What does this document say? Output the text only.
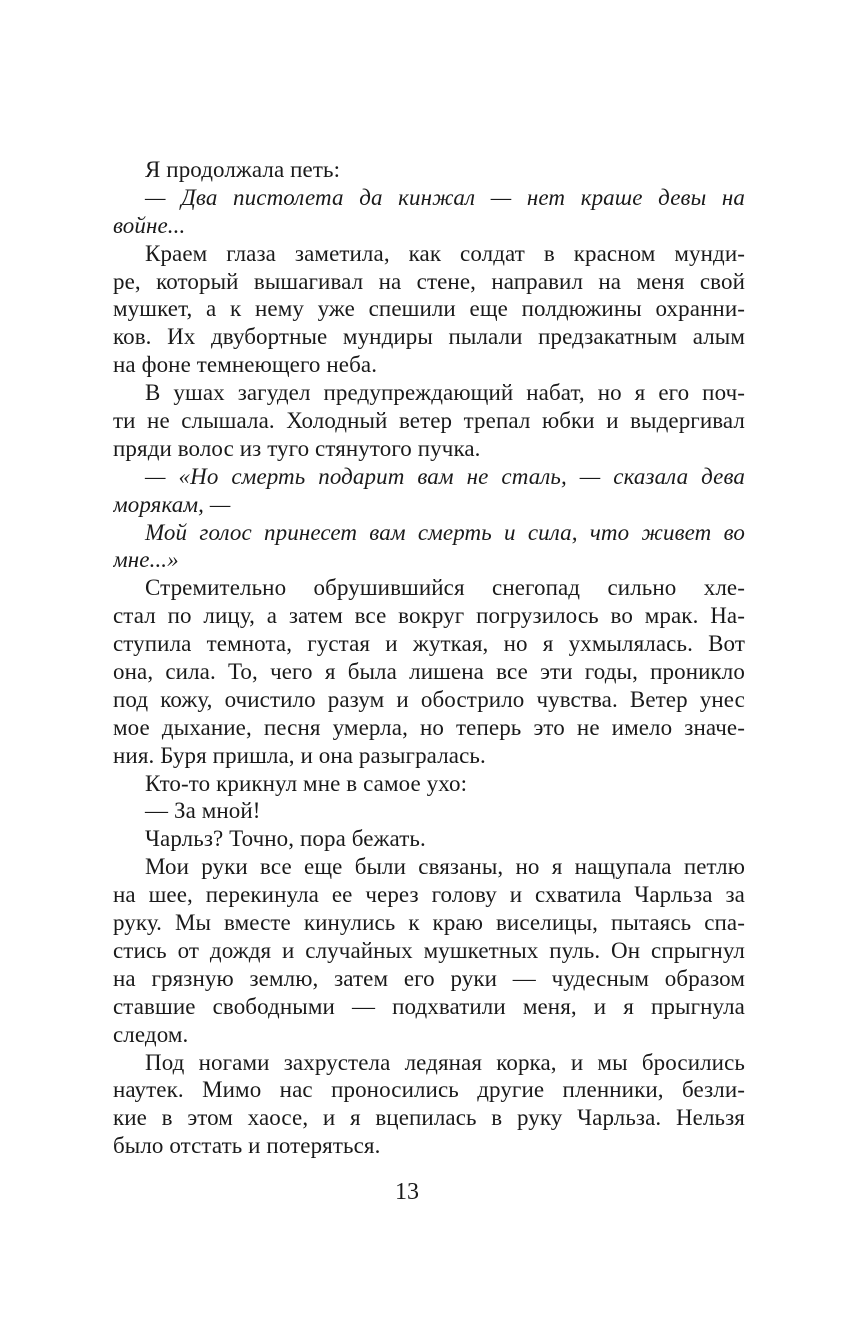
Я продолжала петь:
— Два пистолета да кинжал — нет краше девы на
войне...
Краем глаза заметила, как солдат в красном мунди-
ре, который вышагивал на стене, направил на меня свой
мушкет, а к нему уже спешили еще полдюжины охранни-
ков. Их двубортные мундиры пылали предзакатным алым
на фоне темнеющего неба.
В ушах загудел предупреждающий набат, но я его поч-
ти не слышала. Холодный ветер трепал юбки и выдергивал
пряди волос из туго стянутого пучка.
— «Но смерть подарит вам не сталь, — сказала дева
морякам, —
Мой голос принесет вам смерть и сила, что живет во
мне...»
Стремительно обрушившийся снегопад сильно хле-
стал по лицу, а затем все вокруг погрузилось во мрак. На-
ступила темнота, густая и жуткая, но я ухмылялась. Вот
она, сила. То, чего я была лишена все эти годы, проникло
под кожу, очистило разум и обострило чувства. Ветер унес
мое дыхание, песня умерла, но теперь это не имело значе-
ния. Буря пришла, и она разыгралась.
Кто-то крикнул мне в самое ухо:
— За мной!
Чарльз? Точно, пора бежать.
Мои руки все еще были связаны, но я нащупала петлю
на шее, перекинула ее через голову и схватила Чарльза за
руку. Мы вместе кинулись к краю виселицы, пытаясь спа-
стись от дождя и случайных мушкетных пуль. Он спрыгнул
на грязную землю, затем его руки — чудесным образом
ставшие свободными — подхватили меня, и я прыгнула
следом.
Под ногами захрустела ледяная корка, и мы бросились
наутек. Мимо нас проносились другие пленники, безли-
кие в этом хаосе, и я вцепилась в руку Чарльза. Нельзя
было отстать и потеряться.
13
